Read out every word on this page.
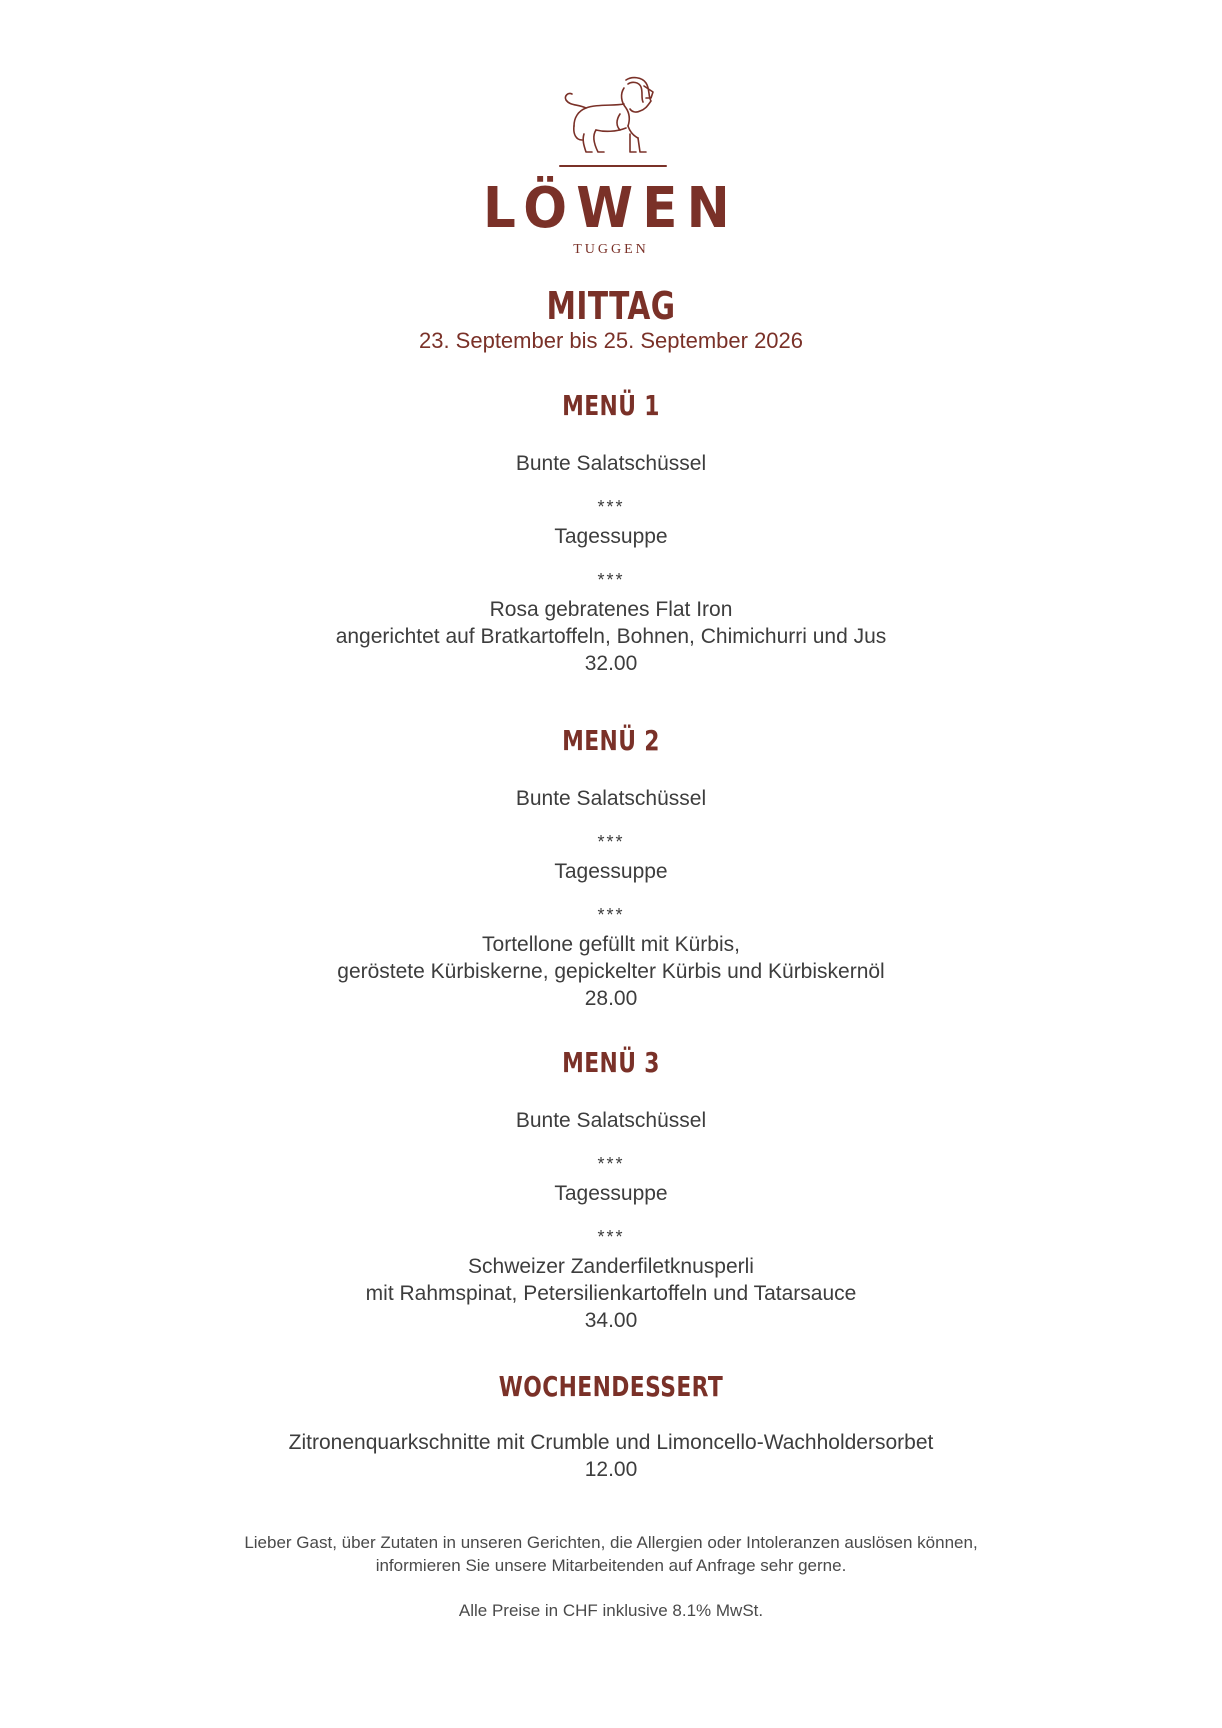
LÖWEN

TUGGEN

MITTAG

23. September bis 25. September 2026

MENÜ 1

Bunte Salatschüssel

***

Tagessuppe

***

Rosa gebratenes Flat Iron

angerichtet auf Bratkartoffeln, Bohnen, Chimichurri und Jus

32.00

MENÜ 2

Bunte Salatschüssel

***

Tagessuppe

***

Tortellone gefüllt mit Kürbis,

geröstete Kürbiskerne, gepickelter Kürbis und Kürbiskernöl

28.00

MENÜ 3

Bunte Salatschüssel

***

Tagessuppe

***

Schweizer Zanderfiletknusperli

mit Rahmspinat, Petersilienkartoffeln und Tatarsauce

34.00

WOCHENDESSERT

Zitronenquarkschnitte mit Crumble und Limoncello-Wachholdersorbet

12.00

Lieber Gast, über Zutaten in unseren Gerichten, die Allergien oder Intoleranzen auslösen können,

informieren Sie unsere Mitarbeitenden auf Anfrage sehr gerne.

Alle Preise in CHF inklusive 8.1% MwSt.
